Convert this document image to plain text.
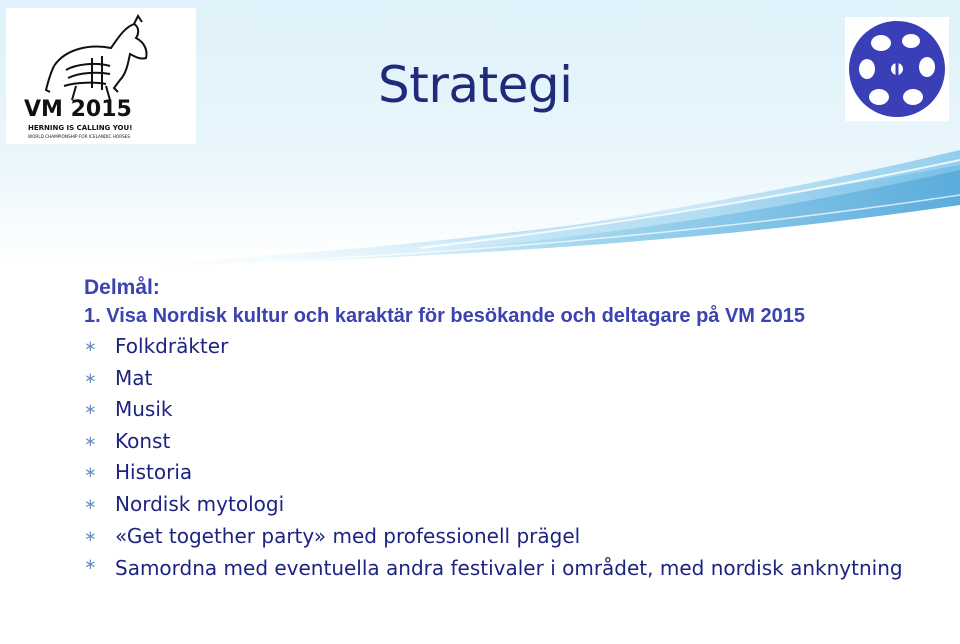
VM 2015
HERNING IS CALLING YOU!
WORLD CHAMPIONSHIP FOR ICELANDIC HORSES
Strategi

Delmål:

1. Visa Nordisk kultur och karaktär för besökande och deltagare på VM 2015

∗ Folkdräkter
∗ Mat
∗ Musik
∗ Konst
∗ Historia
∗ Nordisk mytologi
∗ «Get together party» med professionell prägel
∗ Samordna med eventuella andra festivaler i området, med nordisk anknytning
